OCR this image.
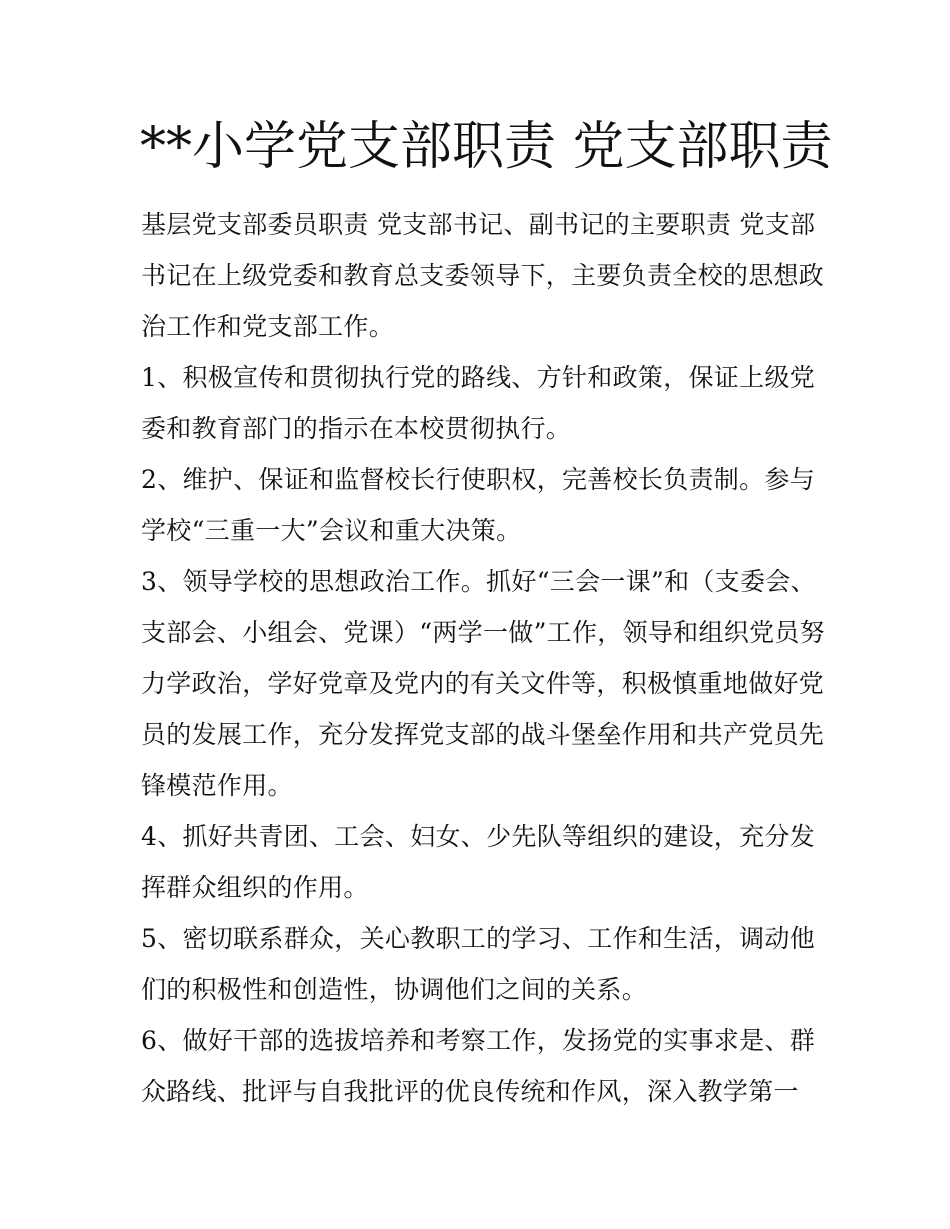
**小学党支部职责 党支部职责
基层党支部委员职责 党支部书记、副书记的主要职责 党支部
书记在上级党委和教育总支委领导下，主要负责全校的思想政
治工作和党支部工作。
1、积极宣传和贯彻执行党的路线、方针和政策，保证上级党
委和教育部门的指示在本校贯彻执行。
2、维护、保证和监督校长行使职权，完善校长负责制。参与
学校“三重一大”会议和重大决策。
3、领导学校的思想政治工作。抓好“三会一课”和（支委会、
支部会、小组会、党课）“两学一做”工作，领导和组织党员努
力学政治，学好党章及党内的有关文件等，积极慎重地做好党
员的发展工作，充分发挥党支部的战斗堡垒作用和共产党员先
锋模范作用。
4、抓好共青团、工会、妇女、少先队等组织的建设，充分发
挥群众组织的作用。
5、密切联系群众，关心教职工的学习、工作和生活，调动他
们的积极性和创造性，协调他们之间的关系。
6、做好干部的选拔培养和考察工作，发扬党的实事求是、群
众路线、批评与自我批评的优良传统和作风，深入教学第一
